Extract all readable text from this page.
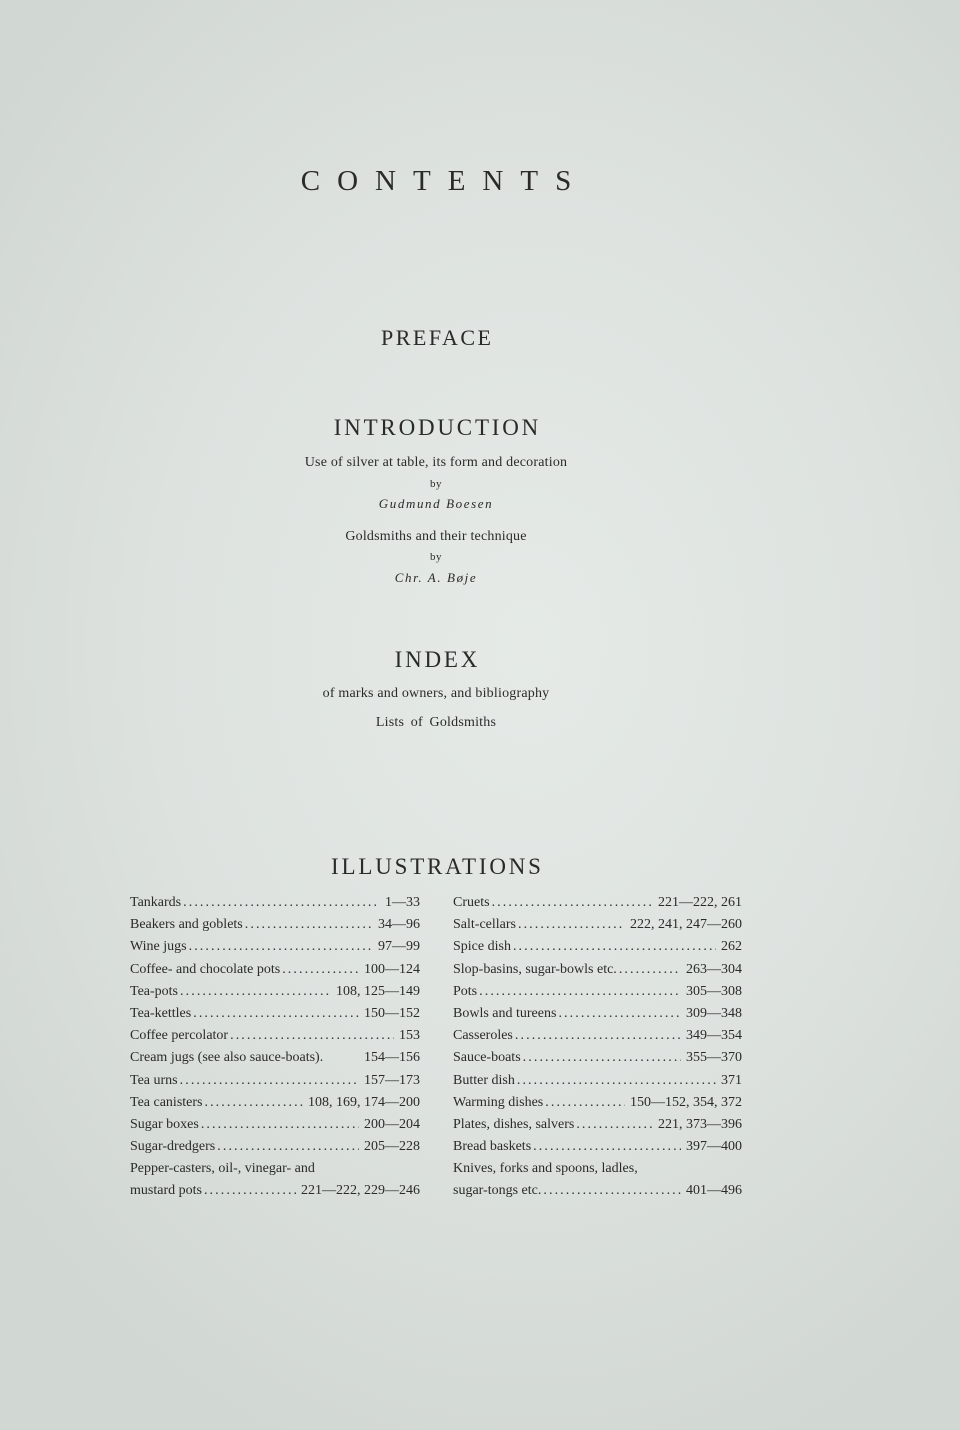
CONTENTS
PREFACE
INTRODUCTION
Use of silver at table, its form and decoration
by
Gudmund Boesen
Goldsmiths and their technique
by
Chr. A. Bøje
INDEX
of marks and owners, and bibliography
Lists of Goldsmiths
ILLUSTRATIONS
Tankards .....	1—33
Beakers and goblets .....	34—96
Wine jugs .....	97—99
Coffee- and chocolate pots .....	100—124
Tea-pots .....	108, 125—149
Tea-kettles .....	150—152
Coffee percolator .....	153
Cream jugs (see also sauce-boats).	154—156
Tea urns .....	157—173
Tea canisters .....	108, 169, 174—200
Sugar boxes .....	200—204
Sugar-dredgers .....	205—228
Pepper-casters, oil-, vinegar- and
mustard pots .....	221—222, 229—246
Cruets .....	221—222, 261
Salt-cellars .....	222, 241, 247—260
Spice dish .....	262
Slop-basins, sugar-bowls etc. .....	263—304
Pots .....	305—308
Bowls and tureens .....	309—348
Casseroles .....	349—354
Sauce-boats .....	355—370
Butter dish .....	371
Warming dishes .....	150—152, 354, 372
Plates, dishes, salvers .....	221, 373—396
Bread baskets .....	397—400
Knives, forks and spoons, ladles,
sugar-tongs etc. .....	401—496
